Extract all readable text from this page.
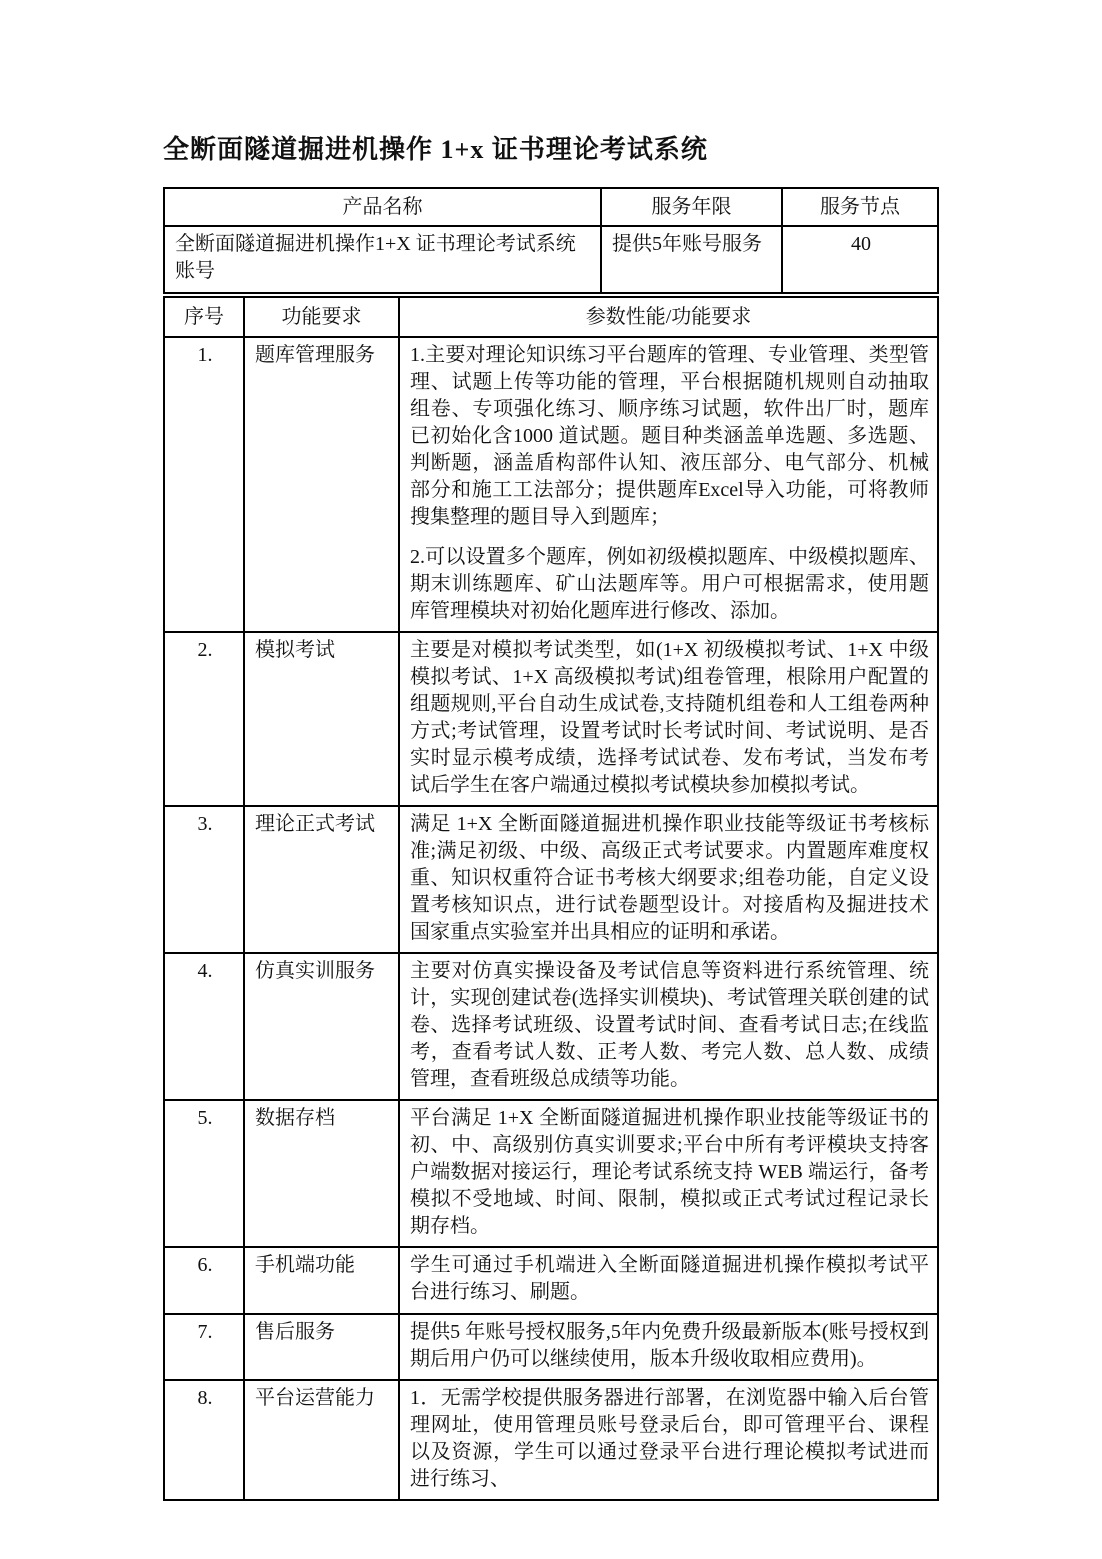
全断面隧道掘进机操作 1+x 证书理论考试系统
产品名称	服务年限	服务节点
全断面隧道掘进机操作1+X 证书理论考试系统账号	提供5年账号服务	40
序号	功能要求	参数性能/功能要求
1.	题库管理服务	1.主要对理论知识练习平台题库的管理、专业管理、类型管理、试题上传等功能的管理，平台根据随机规则自动抽取组卷、专项强化练习、顺序练习试题，软件出厂时，题库已初始化含1000 道试题。题目种类涵盖单选题、多选题、判断题，涵盖盾构部件认知、液压部分、电气部分、机械部分和施工工法部分；提供题库Excel导入功能，可将教师搜集整理的题目导入到题库；

2.可以设置多个题库，例如初级模拟题库、中级模拟题库、期末训练题库、矿山法题库等。用户可根据需求，使用题库管理模块对初始化题库进行修改、添加。

2.	模拟考试	主要是对模拟考试类型，如(1+X 初级模拟考试、1+X 中级模拟考试、1+X 高级模拟考试)组卷管理，根除用户配置的组题规则,平台自动生成试卷,支持随机组卷和人工组卷两种方式;考试管理，设置考试时长考试时间、考试说明、是否实时显示模考成绩，选择考试试卷、发布考试，当发布考试后学生在客户端通过模拟考试模块参加模拟考试。

3.	理论正式考试	满足 1+X 全断面隧道掘进机操作职业技能等级证书考核标准;满足初级、中级、高级正式考试要求。内置题库难度权重、知识权重符合证书考核大纲要求;组卷功能，自定义设置考核知识点，进行试卷题型设计。对接盾构及掘进技术国家重点实验室并出具相应的证明和承诺。

4.	仿真实训服务	主要对仿真实操设备及考试信息等资料进行系统管理、统计，实现创建试卷(选择实训模块)、考试管理关联创建的试卷、选择考试班级、设置考试时间、查看考试日志;在线监考，查看考试人数、正考人数、考完人数、总人数、成绩管理，查看班级总成绩等功能。

5.	数据存档	平台满足 1+X 全断面隧道掘进机操作职业技能等级证书的初、中、高级别仿真实训要求;平台中所有考评模块支持客户端数据对接运行，理论考试系统支持 WEB 端运行，备考模拟不受地域、时间、限制，模拟或正式考试过程记录长期存档。

6.	手机端功能	学生可通过手机端进入全断面隧道掘进机操作模拟考试平台进行练习、刷题。

7.	售后服务	提供5 年账号授权服务,5年内免费升级最新版本(账号授权到期后用户仍可以继续使用，版本升级收取相应费用)。

8.	平台运营能力	1．无需学校提供服务器进行部署，在浏览器中输入后台管理网址，使用管理员账号登录后台，即可管理平台、课程以及资源，学生可以通过登录平台进行理论模拟考试进而进行练习、
